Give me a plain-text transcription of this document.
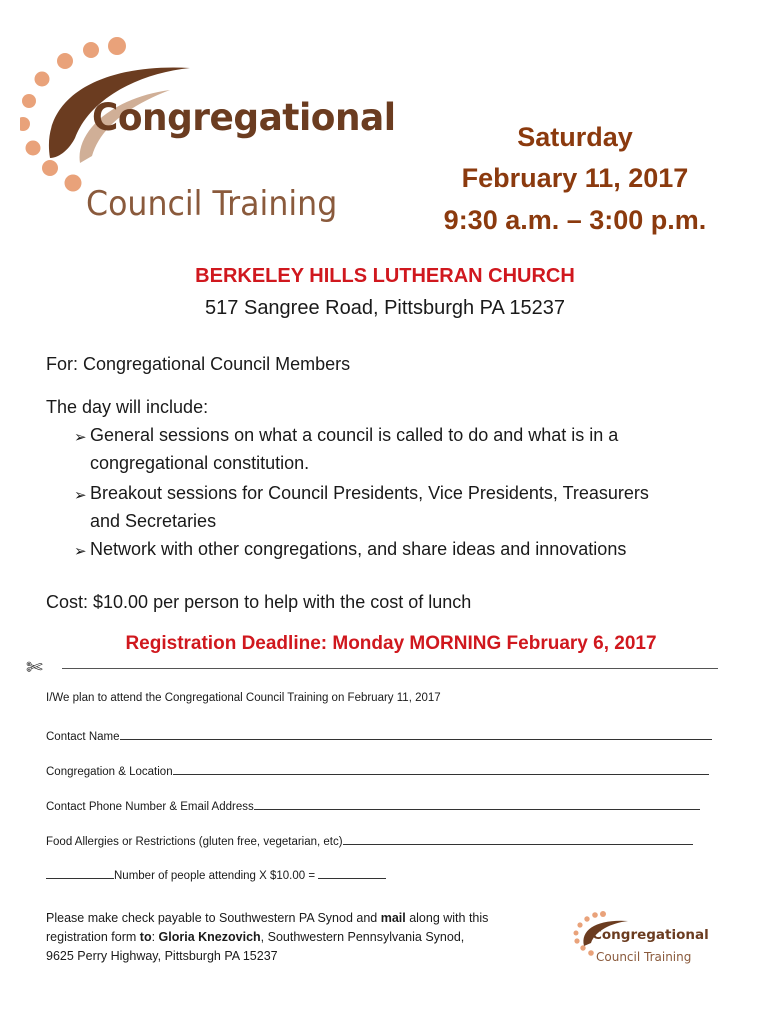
Congregational
Council Training
Saturday
February 11, 2017
9:30 a.m. – 3:00 p.m.
BERKELEY HILLS LUTHERAN CHURCH
517 Sangree Road, Pittsburgh PA 15237
For: Congregational Council Members
The day will include:
➢ General sessions on what a council is called to do and what is in a
congregational constitution.
➢ Breakout sessions for Council Presidents, Vice Presidents, Treasurers
and Secretaries
➢ Network with other congregations, and share ideas and innovations
Cost: $10.00 per person to help with the cost of lunch
Registration Deadline: Monday MORNING February 6, 2017
✄
I/We plan to attend the Congregational Council Training on February 11, 2017
Contact Name
Congregation & Location
Contact Phone Number & Email Address
Food Allergies or Restrictions (gluten free, vegetarian, etc)
Number of people attending X $10.00 =
Please make check payable to Southwestern PA Synod and mail along with this
registration form to: Gloria Knezovich, Southwestern Pennsylvania Synod,
9625 Perry Highway, Pittsburgh PA 15237
Congregational
Council Training
